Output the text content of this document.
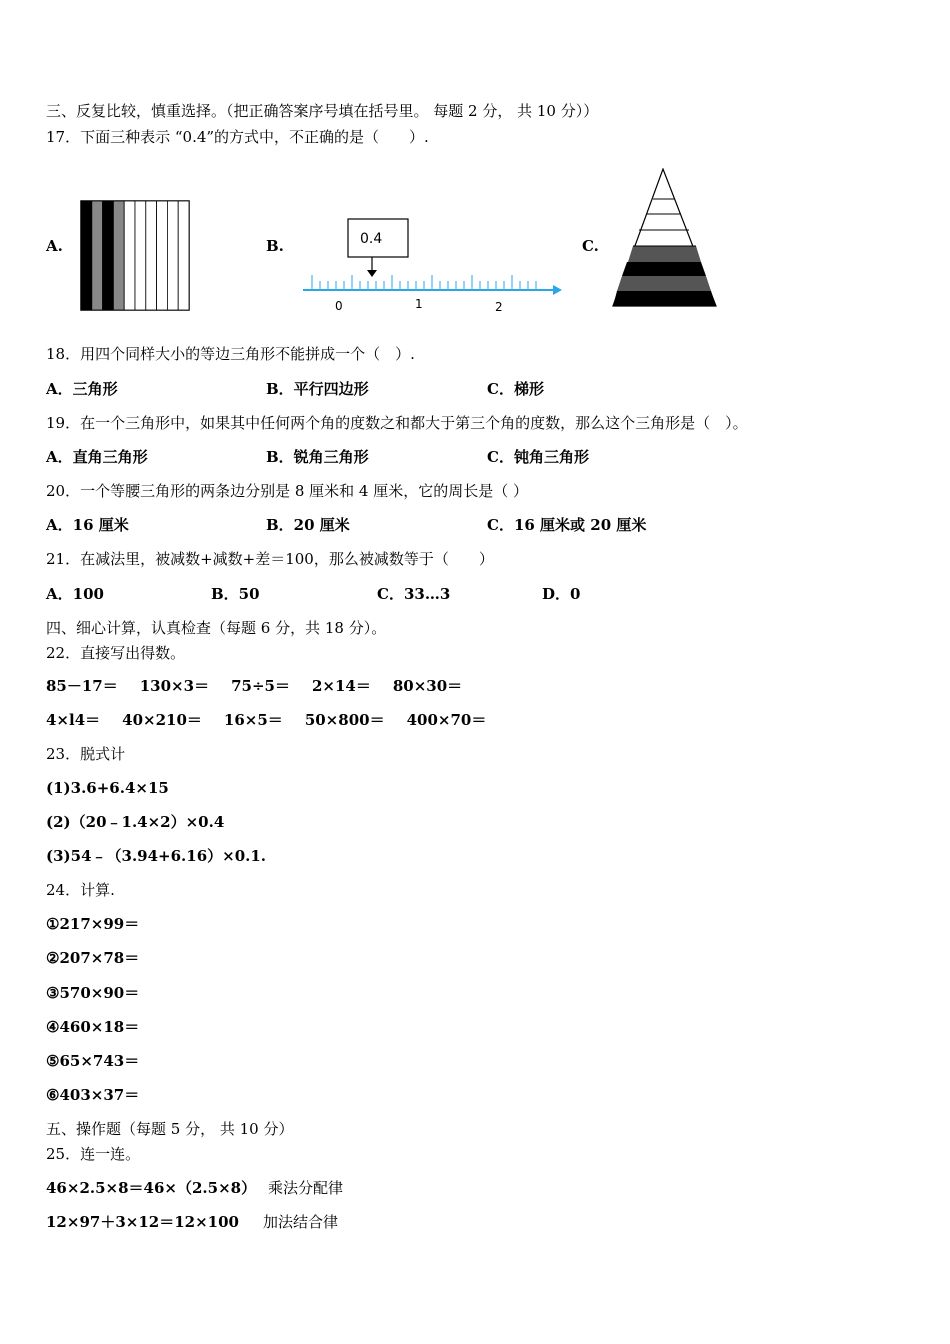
三、反复比较，慎重选择。（把正确答案序号填在括号里。 每题 2 分， 共 10 分））
17．下面三种表示 “0.4”的方式中，不正确的是（　　）.
A.	B.	0.4
0	1	2
C.
18．用四个同样大小的等边三角形不能拼成一个（　）.
A．三角形	B．平行四边形	C．梯形
19．在一个三角形中，如果其中任何两个角的度数之和都大于第三个角的度数，那么这个三角形是（　）。
A．直角三角形	B．锐角三角形	C．钝角三角形
20．一个等腰三角形的两条边分别是 8 厘米和 4 厘米，它的周长是（ ）
A．16 厘米	B．20 厘米	C．16 厘米或 20 厘米
21．在减法里，被减数+减数+差＝100，那么被减数等于（　　）
A．100	B．50	C．33…3	D．0
四、细心计算，认真检查（每题 6 分，共 18 分）。
22．直接写出得数。
85－17＝ 130×3＝ 75÷5＝ 2×14＝ 80×30＝
4×l4＝ 40×210＝ 16×5＝ 50×800＝ 400×70＝
23．脱式计
(1)3.6+6.4×15
(2)（20﹣1.4×2）×0.4
(3)54﹣（3.94+6.16）×0.1.
24．计算.
①217×99＝
②207×78＝
③570×90＝
④460×18＝
⑤65×743＝
⑥403×37＝
五、操作题（每题 5 分， 共 10 分）
25．连一连。
46×2.5×8＝46×（2.5×8） 乘法分配律
12×97＋3×12＝12×100 加法结合律
